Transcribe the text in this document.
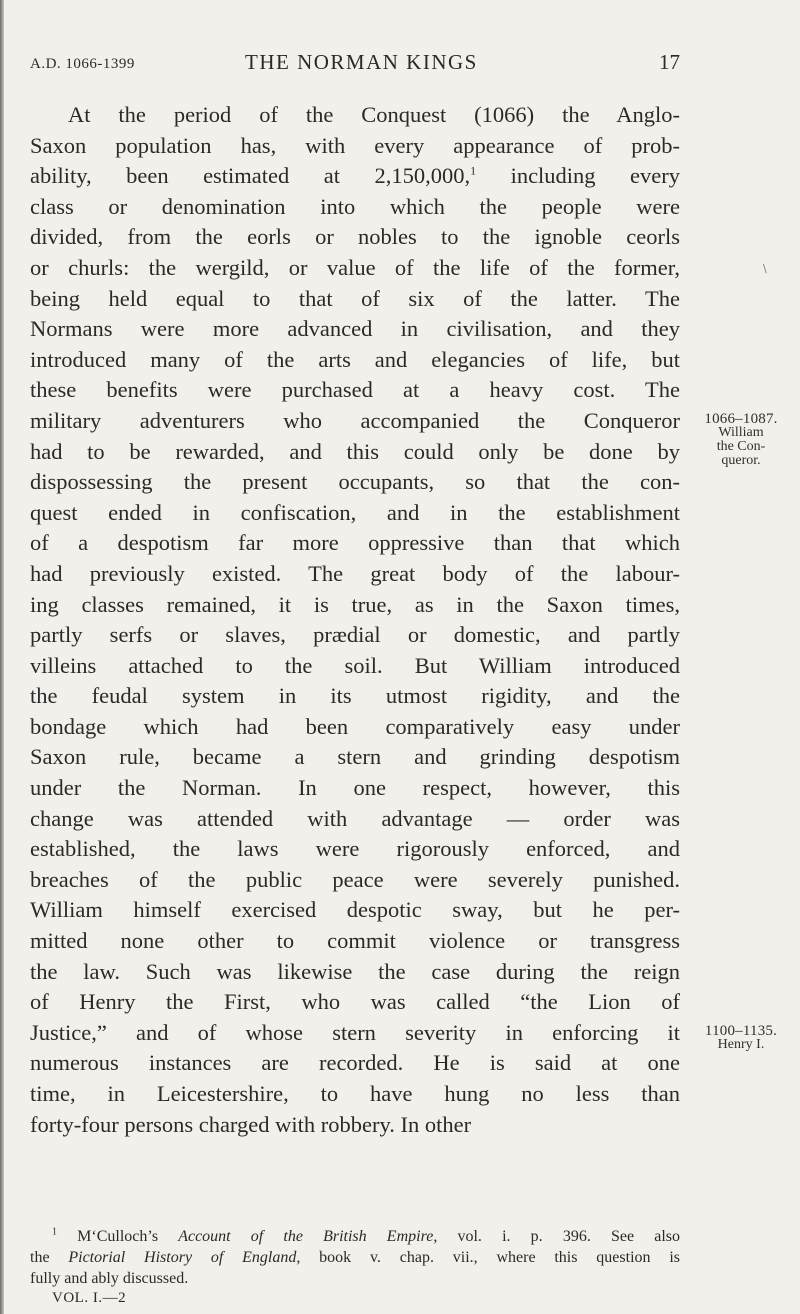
A.D. 1066-1399	THE NORMAN KINGS	17
At the period of the Conquest (1066) the Anglo-
Saxon population has, with every appearance of prob-
ability, been estimated at 2,150,000,$^1$ including every
class or denomination into which the people were
divided, from the eorls or nobles to the ignoble ceorls
or churls: the wergild, or value of the life of the former,
being held equal to that of six of the latter. The
Normans were more advanced in civilisation, and they
introduced many of the arts and elegancies of life, but
these benefits were purchased at a heavy cost. The
military adventurers who accompanied the Conqueror
had to be rewarded, and this could only be done by
dispossessing the present occupants, so that the con-
quest ended in confiscation, and in the establishment
of a despotism far more oppressive than that which
had previously existed. The great body of the labour-
ing classes remained, it is true, as in the Saxon times,
partly serfs or slaves, prædial or domestic, and partly
villeins attached to the soil. But William introduced
the feudal system in its utmost rigidity, and the
bondage which had been comparatively easy under
Saxon rule, became a stern and grinding despotism
under the Norman. In one respect, however, this
change was attended with advantage — order was
established, the laws were rigorously enforced, and
breaches of the public peace were severely punished.
William himself exercised despotic sway, but he per-
mitted none other to commit violence or transgress
the law. Such was likewise the case during the reign
of Henry the First, who was called “the Lion of
Justice,” and of whose stern severity in enforcing it
numerous instances are recorded. He is said at one
time, in Leicestershire, to have hung no less than
forty-four persons charged with robbery. In other
1066–1087.
William
the Con-
queror.
1100–1135.
Henry I.
\
$^1$ M‘Culloch’s Account of the British Empire, vol. i. p. 396. See also
the Pictorial History of England, book v. chap. vii., where this question is
fully and ably discussed.
VOL. I.—2
